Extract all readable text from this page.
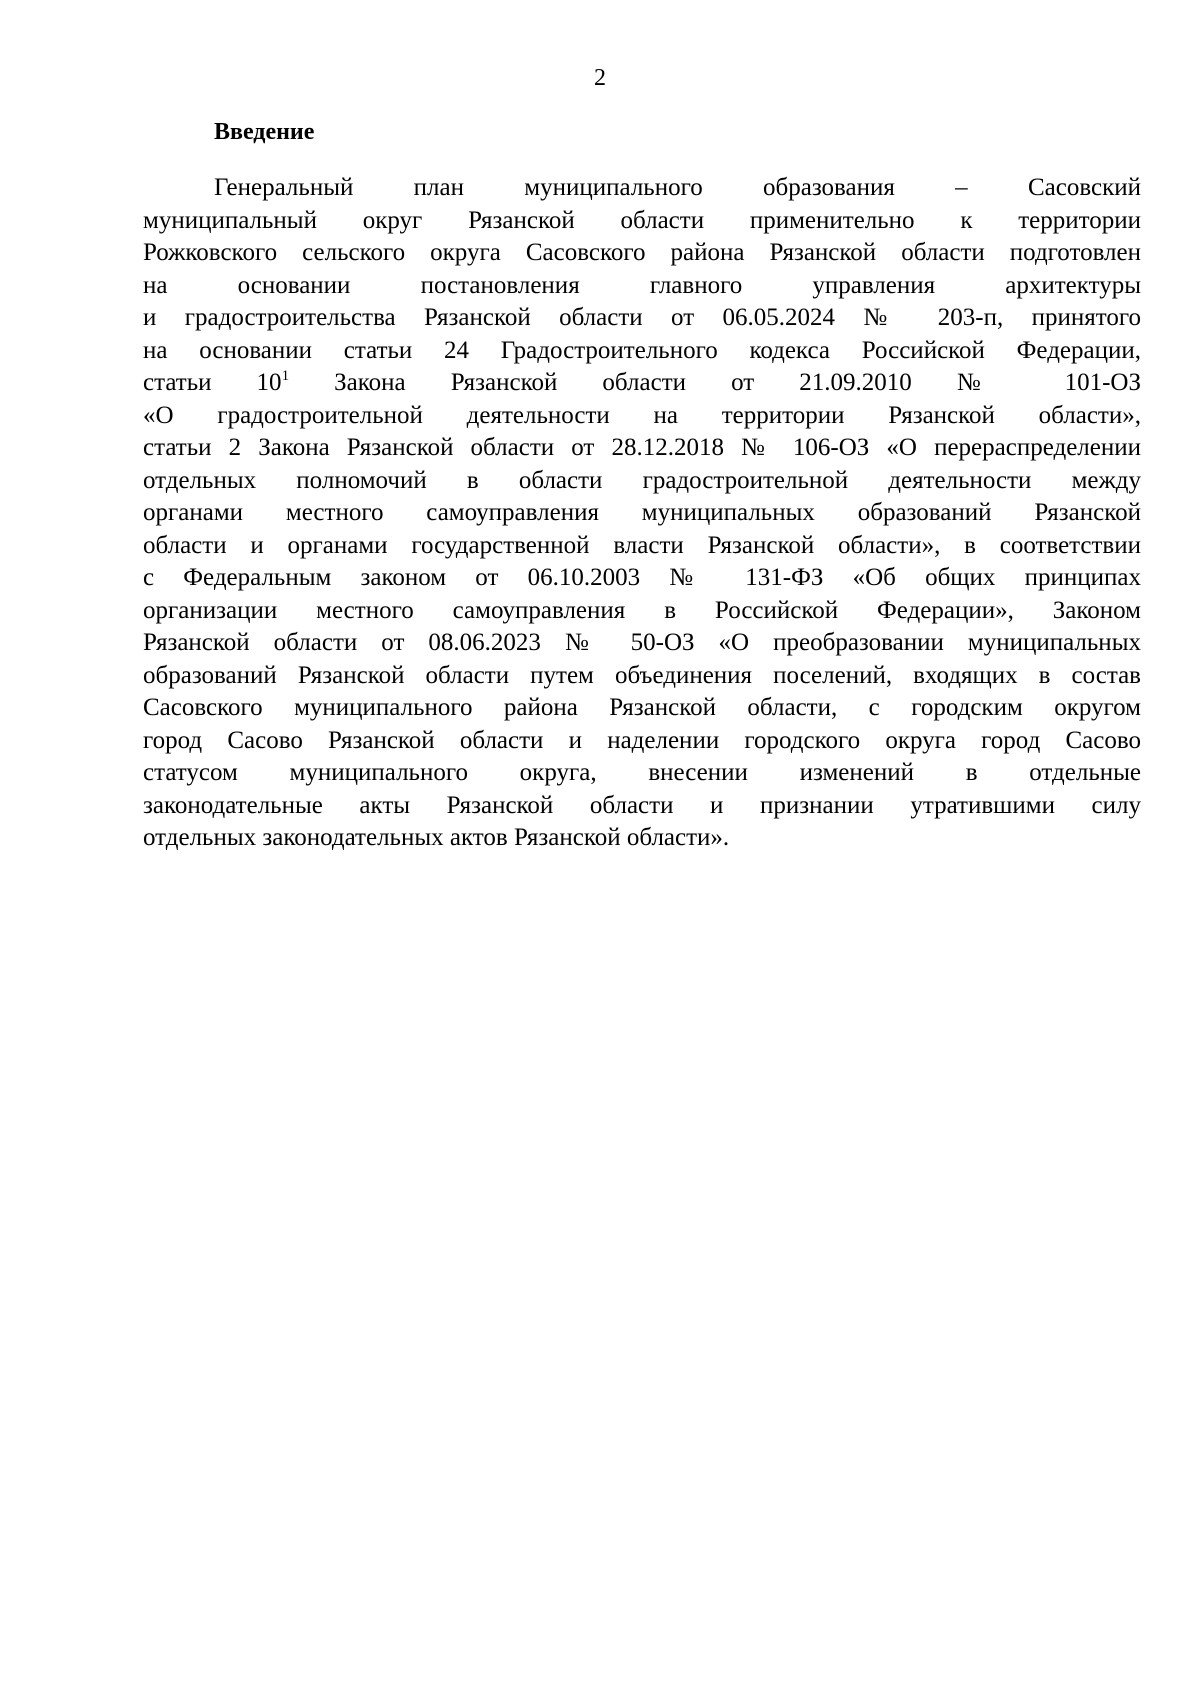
2
Введение
Генеральный план муниципального образования – Сасовский
муниципальный округ Рязанской области применительно к территории
Рожковского сельского округа Сасовского района Рязанской области подготовлен
на основании постановления главного управления архитектуры
и градостроительства Рязанской области от 06.05.2024 № 203-п, принятого
на основании статьи 24 Градостроительного кодекса Российской Федерации,
статьи $10^1$ Закона Рязанской области от 21.09.2010 № 101-ОЗ
«О градостроительной деятельности на территории Рязанской области»,
статьи 2 Закона Рязанской области от 28.12.2018 № 106-ОЗ «О перераспределении
отдельных полномочий в области градостроительной деятельности между
органами местного самоуправления муниципальных образований Рязанской
области и органами государственной власти Рязанской области», в соответствии
с Федеральным законом от 06.10.2003 № 131-ФЗ «Об общих принципах
организации местного самоуправления в Российской Федерации», Законом
Рязанской области от 08.06.2023 № 50-ОЗ «О преобразовании муниципальных
образований Рязанской области путем объединения поселений, входящих в состав
Сасовского муниципального района Рязанской области, с городским округом
город Сасово Рязанской области и наделении городского округа город Сасово
статусом муниципального округа, внесении изменений в отдельные
законодательные акты Рязанской области и признании утратившими силу
отдельных законодательных актов Рязанской области».
